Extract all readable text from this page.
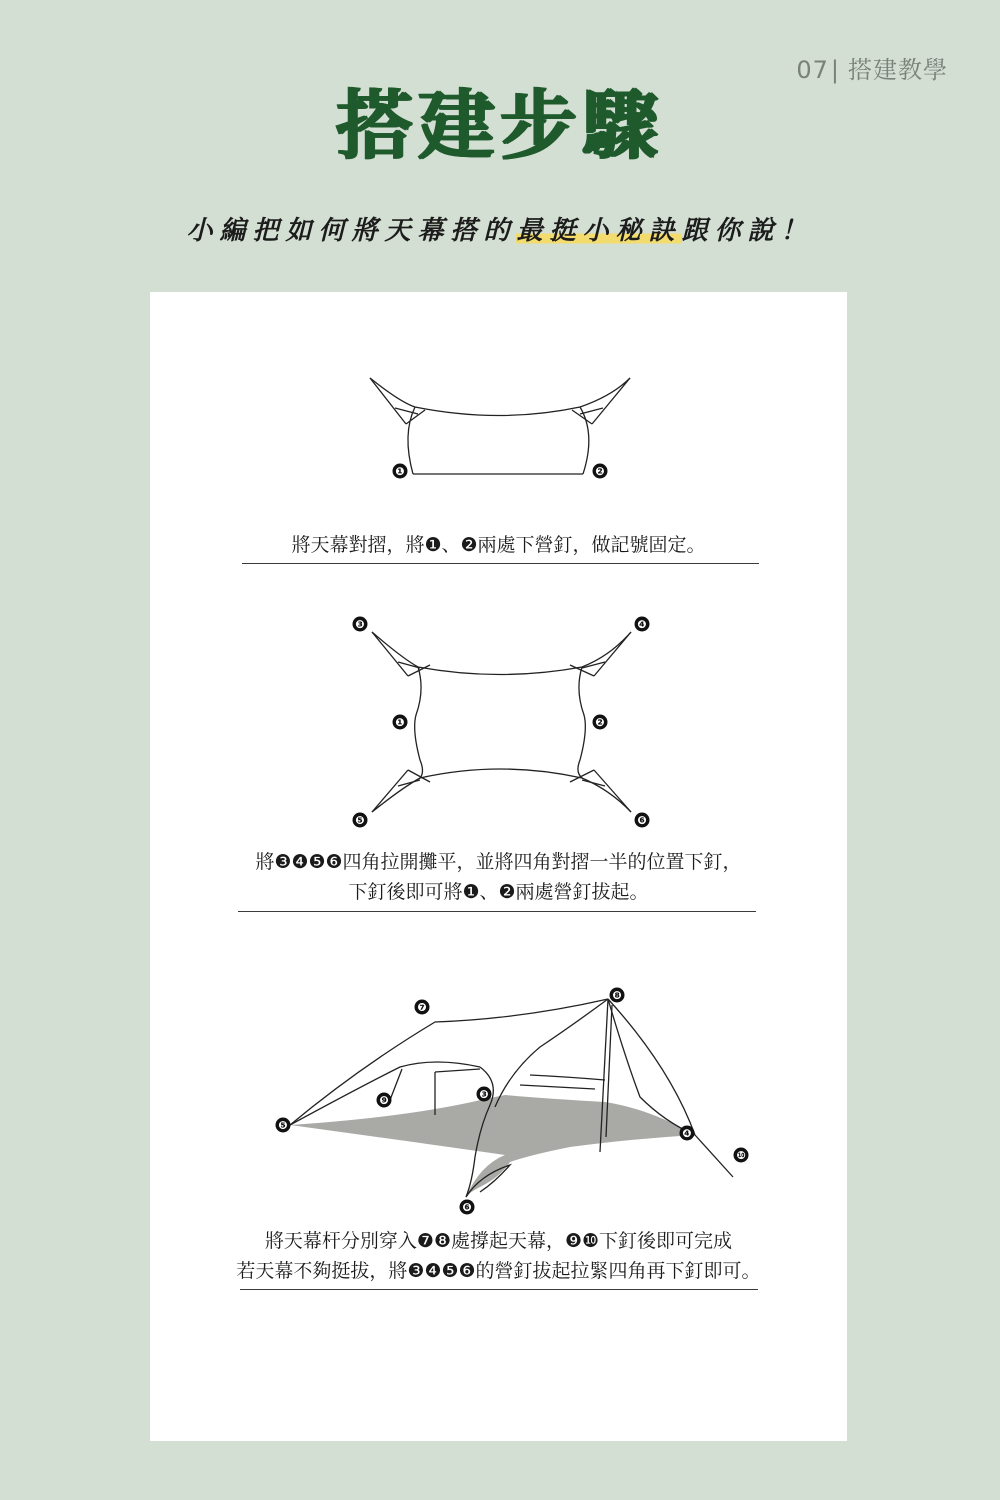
07| 搭建教學
搭建步驟
小編把如何將天幕搭的最挺小秘訣跟你說！
❶	❷
將天幕對摺，將❶、❷兩處下營釘，做記號固定。
❸	❹
❶	❷
❺	❻
將❸❹❺❻四角拉開攤平，並將四角對摺一半的位置下釘，
下釘後即可將❶、❷兩處營釘拔起。
❼
❽
❾	❸
❺
❹
❿
❻
將天幕杆分別穿入❼❽處撐起天幕，❾❿下釘後即可完成
若天幕不夠挺拔，將❸❹❺❻的營釘拔起拉緊四角再下釘即可。
